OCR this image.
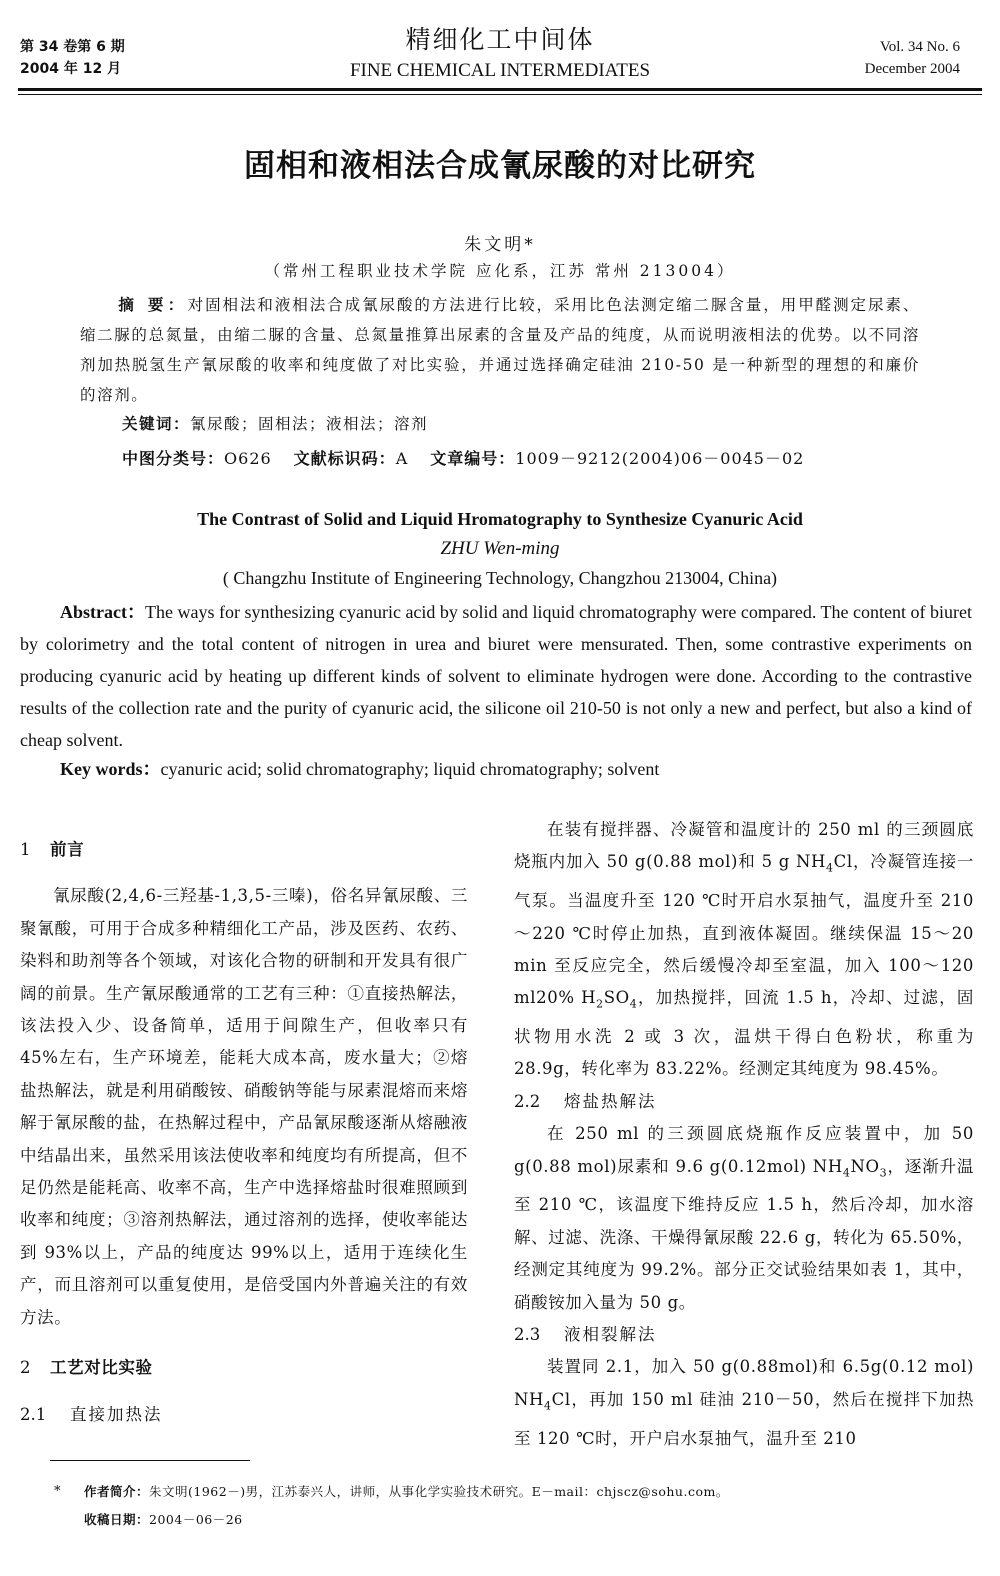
第 34 卷第 6 期
2004 年 12 月
精细化工中间体
FINE CHEMICAL INTERMEDIATES
Vol. 34 No. 6
December 2004
固相和液相法合成氰尿酸的对比研究
朱文明*
（常州工程职业技术学院 应化系，江苏 常州 213004）
摘 要：对固相法和液相法合成氰尿酸的方法进行比较，采用比色法测定缩二脲含量，用甲醛测定尿素、缩二脲的总氮量，由缩二脲的含量、总氮量推算出尿素的含量及产品的纯度，从而说明液相法的优势。以不同溶剂加热脱氢生产氰尿酸的收率和纯度做了对比实验，并通过选择确定硅油 210-50 是一种新型的理想的和廉价的溶剂。
关键词：氰尿酸；固相法；液相法；溶剂
中图分类号：O626 文献标识码：A 文章编号：1009－9212(2004)06－0045－02
The Contrast of Solid and Liquid Hromatography to Synthesize Cyanuric Acid
ZHU Wen-ming
( Changzhu Institute of Engineering Technology, Changzhou 213004, China)
Abstract：The ways for synthesizing cyanuric acid by solid and liquid chromatography were compared. The content of biuret by colorimetry and the total content of nitrogen in urea and biuret were mensurated. Then, some contrastive experiments on producing cyanuric acid by heating up different kinds of solvent to eliminate hydrogen were done. According to the contrastive results of the collection rate and the purity of cyanuric acid, the silicone oil 210-50 is not only a new and perfect, but also a kind of cheap solvent.
Key words：cyanuric acid; solid chromatography; liquid chromatography; solvent
1 前言

氰尿酸(2,4,6-三羟基-1,3,5-三嗪)，俗名异氰尿酸、三聚氰酸，可用于合成多种精细化工产品，涉及医药、农药、染料和助剂等各个领域，对该化合物的研制和开发具有很广阔的前景。生产氰尿酸通常的工艺有三种：①直接热解法，该法投入少、设备简单，适用于间隙生产，但收率只有 45%左右，生产环境差，能耗大成本高，废水量大；②熔盐热解法，就是利用硝酸铵、硝酸钠等能与尿素混熔而来熔解于氰尿酸的盐，在热解过程中，产品氰尿酸逐渐从熔融液中结晶出来，虽然采用该法使收率和纯度均有所提高，但不足仍然是能耗高、收率不高，生产中选择熔盐时很难照顾到收率和纯度；③溶剂热解法，通过溶剂的选择，使收率能达到 93%以上，产品的纯度达 99%以上，适用于连续化生产，而且溶剂可以重复使用，是倍受国内外普遍关注的有效方法。

2 工艺对比实验
2.1 直接加热法

在装有搅拌器、冷凝管和温度计的 250 ml 的三颈圆底烧瓶内加入 50 g(0.88 mol)和 5 g $NH_4Cl$，冷凝管连接一气泵。当温度升至 120 ℃时开启水泵抽气，温度升至 210～220 ℃时停止加热，直到液体凝固。继续保温 15～20 min 至反应完全，然后缓慢冷却至室温，加入 100～120 ml20% $H_2SO_4$，加热搅拌，回流 1.5 h，冷却、过滤，固状物用水洗 2 或 3 次，温烘干得白色粉状，称重为 28.9g，转化率为 83.22%。经测定其纯度为 98.45%。

2.2 熔盐热解法

在 250 ml 的三颈圆底烧瓶作反应装置中，加 50 g(0.88 mol)尿素和 9.6 g(0.12mol) $NH_4NO_3$，逐渐升温至 210 ℃，该温度下维持反应 1.5 h，然后冷却，加水溶解、过滤、洗涤、干燥得氰尿酸 22.6 g，转化为 65.50%，经测定其纯度为 99.2%。部分正交试验结果如表 1，其中，硝酸铵加入量为 50 g。

2.3 液相裂解法

装置同 2.1，加入 50 g(0.88mol)和 6.5g(0.12 mol) $NH_4Cl$，再加 150 ml 硅油 210－50，然后在搅拌下加热至 120 ℃时，开户启水泵抽气，温升至 210

* 作者简介：朱文明(1962－)男，江苏泰兴人，讲师，从事化学实验技术研究。E－mail：chjscz@sohu.com。
收稿日期：2004－06－26
